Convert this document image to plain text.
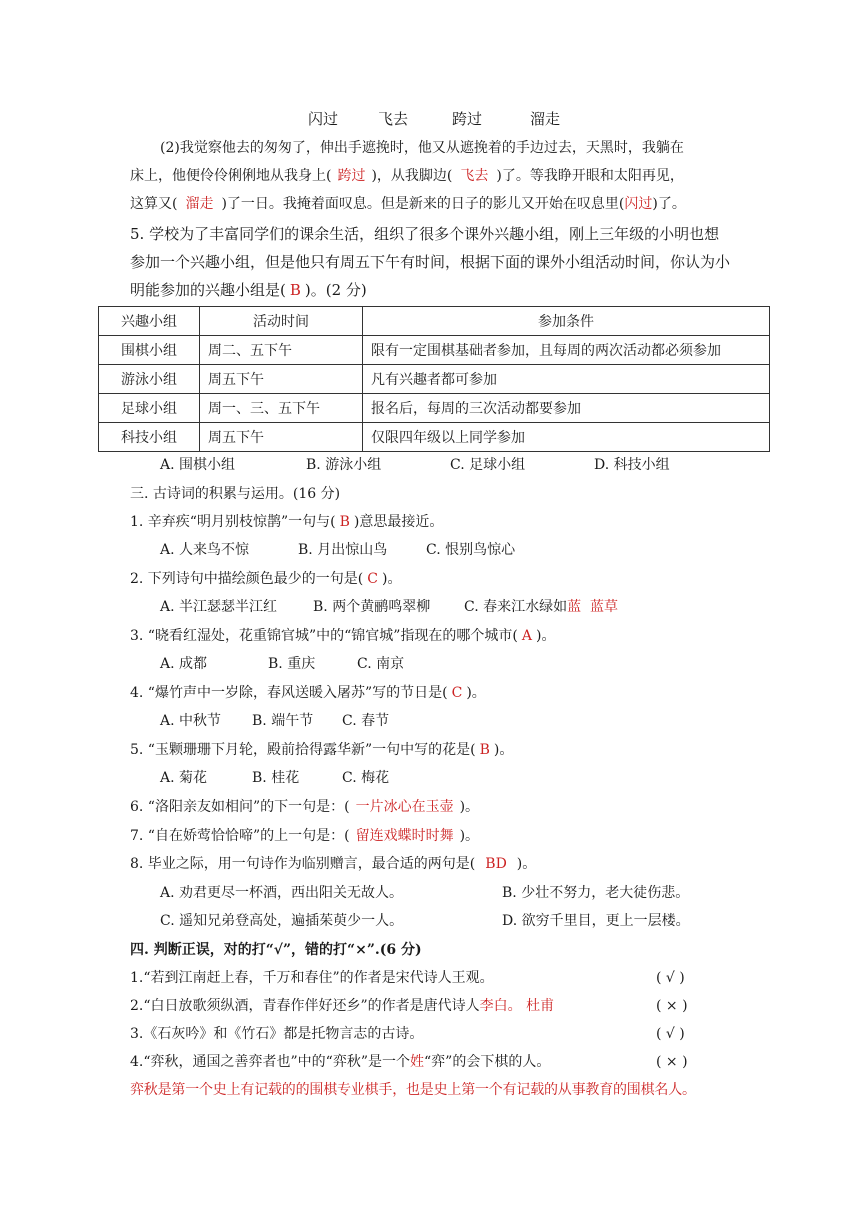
闪过	飞去	跨过	溜走
(2)我觉察他去的匆匆了，伸出手遮挽时，他又从遮挽着的手边过去，天黑时，我躺在
床上，他便伶伶俐俐地从我身上( 跨过 )，从我脚边( 飞去 )了。等我睁开眼和太阳再见，
这算又( 溜走 )了一日。我掩着面叹息。但是新来的日子的影儿又开始在叹息里(闪过)了。
5. 学校为了丰富同学们的课余生活，组织了很多个课外兴趣小组，刚上三年级的小明也想
参加一个兴趣小组，但是他只有周五下午有时间，根据下面的课外小组活动时间，你认为小
明能参加的兴趣小组是( B )。(2 分)
兴趣小组	活动时间	参加条件
围棋小组	周二、五下午	限有一定围棋基础者参加，且每周的两次活动都必须参加
游泳小组	周五下午	凡有兴趣者都可参加
足球小组	周一、三、五下午	报名后，每周的三次活动都要参加
科技小组	周五下午	仅限四年级以上同学参加
A. 围棋小组	B. 游泳小组	C. 足球小组	D. 科技小组
三. 古诗词的积累与运用。(16 分)
1. 辛弃疾“明月别枝惊鹊”一句与( B )意思最接近。
A. 人来鸟不惊	B. 月出惊山鸟	C. 恨别鸟惊心
2. 下列诗句中描绘颜色最少的一句是( C )。
A. 半江瑟瑟半江红	B. 两个黄鹂鸣翠柳 C. 春来江水绿如蓝  蓝草
3. “晓看红湿处，花重锦官城”中的“锦官城”指现在的哪个城市( A )。
A. 成都	B. 重庆	C. 南京
4. “爆竹声中一岁除，春风送暖入屠苏”写的节日是( C )。
A. 中秋节 B. 端午节 C. 春节
5. “玉颗珊珊下月轮，殿前拾得露华新”一句中写的花是( B )。
A. 菊花	B. 桂花	C. 梅花
6. “洛阳亲友如相问”的下一句是：( 一片冰心在玉壶 )。
7. “自在娇莺恰恰啼”的上一句是：( 留连戏蝶时时舞 )。
8. 毕业之际，用一句诗作为临别赠言，最合适的两句是( BD )。
A. 劝君更尽一杯酒，西出阳关无故人。	B. 少壮不努力，老大徒伤悲。
C. 遥知兄弟登高处，遍插茱萸少一人。	D. 欲穷千里目，更上一层楼。
四. 判断正误，对的打“√”，错的打“×”.(6 分)
1.“若到江南赶上春，千万和春住”的作者是宋代诗人王观。	( √ )
2.“白日放歌须纵酒，青春作伴好还乡”的作者是唐代诗人李白。 杜甫	( × )
3.《石灰吟》和《竹石》都是托物言志的古诗。	( √ )
4.“弈秋，通国之善弈者也”中的“弈秋”是一个姓“弈”的会下棋的人。	( × )
弈秋是第一个史上有记载的的围棋专业棋手，也是史上第一个有记载的从事教育的围棋名人。
